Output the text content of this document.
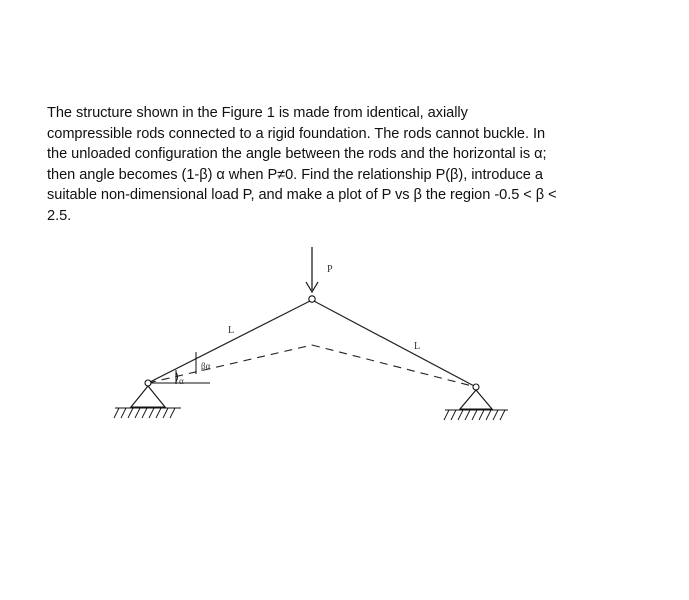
The structure shown in the Figure 1 is made from identical, axially
compressible rods connected to a rigid foundation. The rods cannot buckle. In
the unloaded configuration the angle between the rods and the horizontal is α;
then angle becomes (1-β) α when P≠0. Find the relationship P(β), introduce a
suitable non-dimensional load P, and make a plot of P vs β the region -0.5 < β <
2.5.
P
L
L
βα
α
